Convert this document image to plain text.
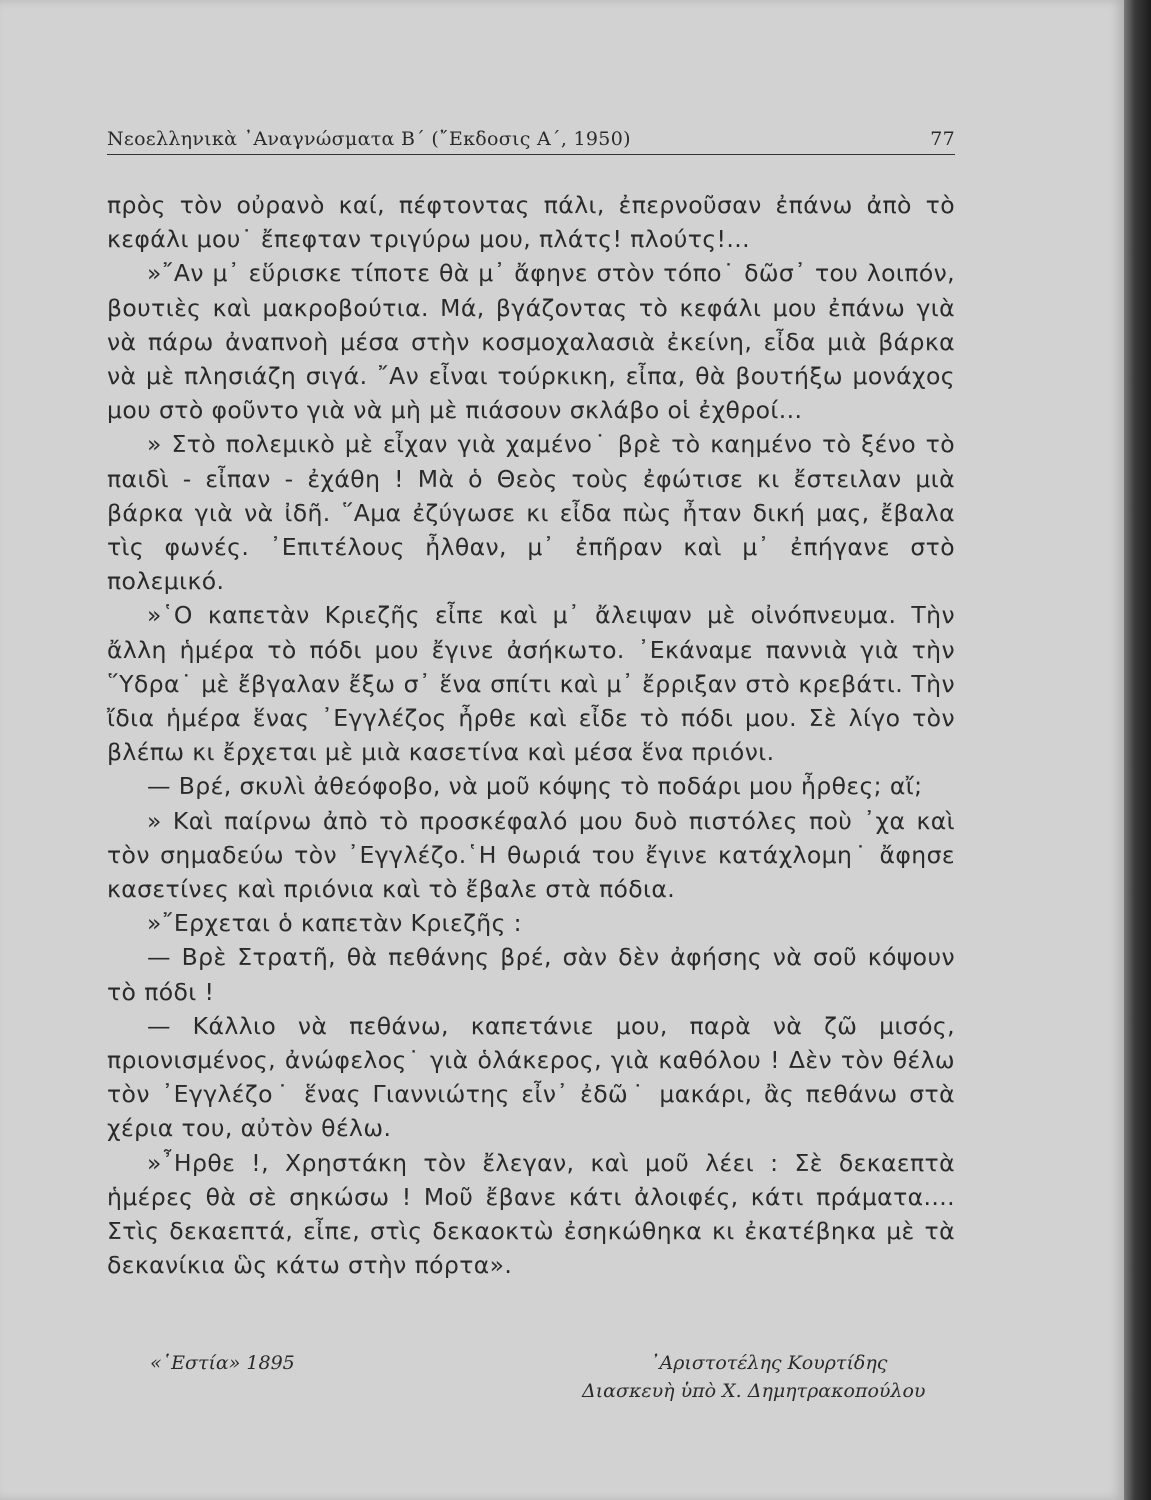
Νεοελληνικὰ ᾿Αναγνώσματα Β΄ (῎Εκδοσις Α΄, 1950)	77

πρὸς τὸν οὐρανὸ καί, πέφτοντας πάλι, ἐπερνοῦσαν ἐπάνω ἀπὸ τὸ κεφάλι μου˙ ἔπεφταν τριγύρω μου, πλάτς! πλούτς!...

»῎Αν μ᾿ εὕρισκε τίποτε θὰ μ᾿ ἄφηνε στὸν τόπο˙ δῶσ᾿ του λοιπόν, βουτιὲς καὶ μακροβούτια. Μά, βγάζοντας τὸ κεφάλι μου ἐπάνω γιὰ νὰ πάρω ἀναπνοὴ μέσα στὴν κοσμοχαλασιὰ ἐκείνη, εἶδα μιὰ βάρκα νὰ μὲ πλησιάζη σιγά. ῎Αν εἶναι τούρκικη, εἶπα, θὰ βουτήξω μονάχος μου στὸ φοῦντο γιὰ νὰ μὴ μὲ πιάσουν σκλάβο οἱ ἐχθροί...

» Στὸ πολεμικὸ μὲ εἶχαν γιὰ χαμένο˙ βρὲ τὸ καημένο τὸ ξένο τὸ παιδὶ - εἶπαν - ἐχάθη ! Μὰ ὁ Θεὸς τοὺς ἐφώτισε κι ἔστειλαν μιὰ βάρκα γιὰ νὰ ἰδῆ. ῞Αμα ἐζύγωσε κι εἶδα πὼς ἦταν δική μας, ἔβαλα τὶς φωνές. ᾿Επιτέλους ἦλθαν, μ᾿ ἐπῆραν καὶ μ᾿ ἐπήγανε στὸ πολεμικό.

»῾Ο καπετὰν Κριεζῆς εἶπε καὶ μ᾿ ἄλειψαν μὲ οἰνόπνευμα. Τὴν ἄλλη ἡμέρα τὸ πόδι μου ἔγινε ἀσήκωτο. ᾿Εκάναμε παννιὰ γιὰ τὴν ῞Υδρα˙ μὲ ἔβγαλαν ἔξω σ᾿ ἕνα σπίτι καὶ μ᾿ ἔρριξαν στὸ κρεβάτι. Τὴν ἴδια ἡμέρα ἕνας ᾿Εγγλέζος ἦρθε καὶ εἶδε τὸ πόδι μου. Σὲ λίγο τὸν βλέπω κι ἔρχεται μὲ μιὰ κασετίνα καὶ μέσα ἕνα πριόνι.

— Βρέ, σκυλὶ ἀθεόφοβο, νὰ μοῦ κόψης τὸ ποδάρι μου ἦρθες; αἴ;

» Καὶ παίρνω ἀπὸ τὸ προσκέφαλό μου δυὸ πιστόλες ποὺ ᾿χα καὶ τὸν σημαδεύω τὸν ᾿Εγγλέζο.῾Η θωριά του ἔγινε κατάχλομη˙ ἄφησε κασετίνες καὶ πριόνια καὶ τὸ ἔβαλε στὰ πόδια.

»῎Ερχεται ὁ καπετὰν Κριεζῆς :

— Βρὲ Στρατῆ, θὰ πεθάνης βρέ, σὰν δὲν ἀφήσης νὰ σοῦ κόψουν τὸ πόδι !

— Κάλλιο νὰ πεθάνω, καπετάνιε μου, παρὰ νὰ ζῶ μισός, πριονισμένος, ἀνώφελος˙ γιὰ ὁλάκερος, γιὰ καθόλου ! Δὲν τὸν θέλω τὸν ᾿Εγγλέζο˙ ἕνας Γιαννιώτης εἶν᾿ ἐδῶ˙ μακάρι, ἂς πεθάνω στὰ χέρια του, αὐτὸν θέλω.

»῏Ηρθε !, Χρηστάκη τὸν ἔλεγαν, καὶ μοῦ λέει : Σὲ δεκαεπτὰ ἡμέρες θὰ σὲ σηκώσω ! Μοῦ ἔβανε κάτι ἀλοιφές, κάτι πράματα.... Στὶς δεκαεπτά, εἶπε, στὶς δεκαοκτὼ ἐσηκώθηκα κι ἐκατέβηκα μὲ τὰ δεκανίκια ὣς κάτω στὴν πόρτα».

«῾Εστία» 1895	᾿Αριστοτέλης Κουρτίδης
Διασκευὴ ὑπὸ Χ. Δημητρακοπούλου
